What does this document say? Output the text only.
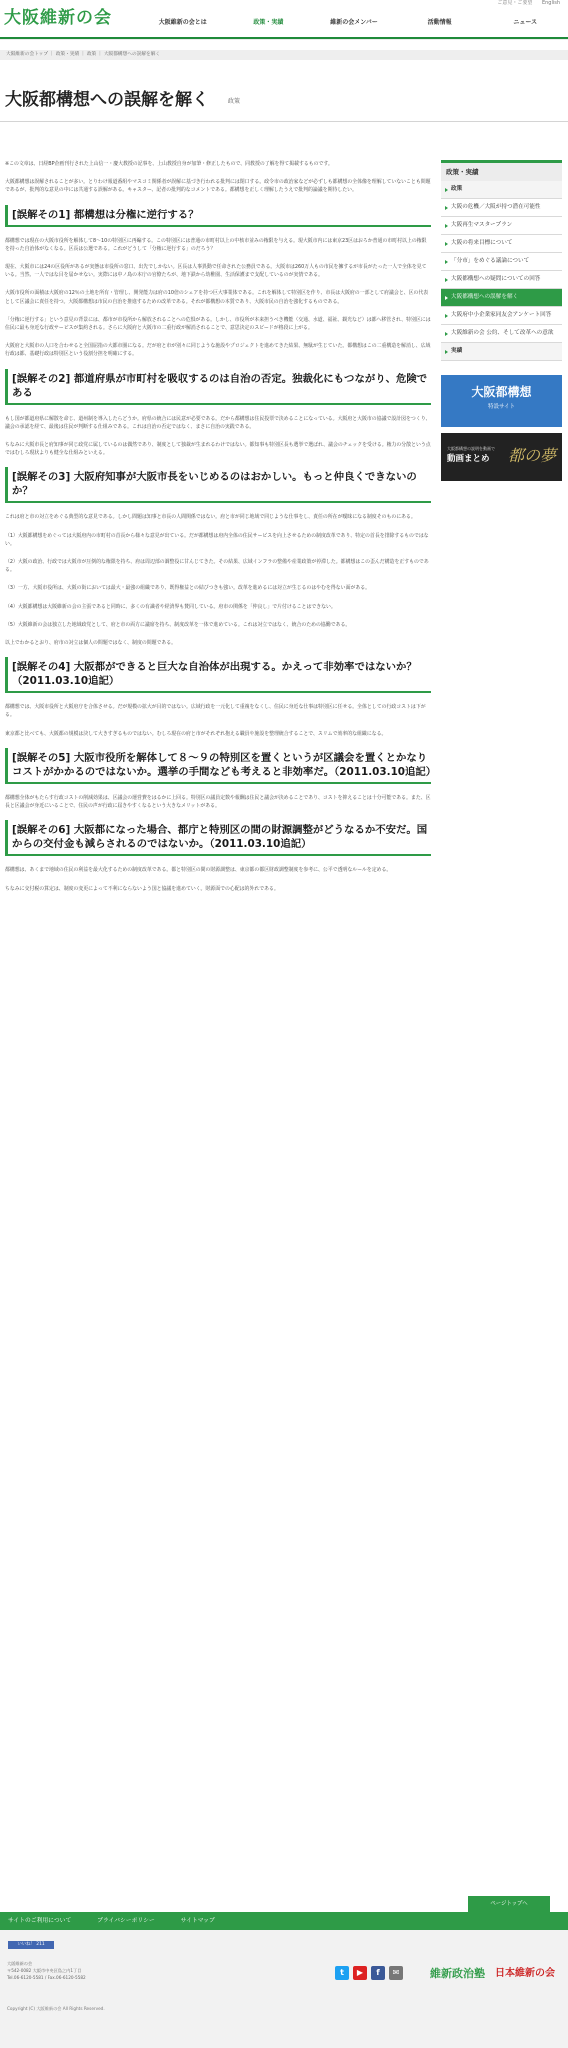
大阪維新の会
ご意見・ご要望 English
大阪維新の会とは	政策・実績	維新の会メンバー	活動情報	ニュース
大阪維新の会トップ ｜ 政策・実績 ｜ 政策 ｜ 大阪都構想への誤解を解く
大阪都構想への誤解を解く	政策

※この文章は、日経BP企画刊行された上山信一・慶大教授の記事を、上山教授自身が加筆・修正したもので、同教授の了解を得て掲載するものです。

大阪都構想は誤解されることが多い。とりわけ報道番組やマスコミ関係者が誤解に基づき行われる批判には閉口する。政令市の政治家などが必ずしも都構想の全体像を理解していないことも問題であるが、批判的な意見の中には共通する誤解がある。キャスター、記者の批判的なコメントである。都構想を正しく理解したうえで批判的論議を期待したい。

[誤解その1] 都構想は分権に逆行する？

都構想では現在の大阪市役所を解体して8〜10の特別区に再編する。この特別区には普通の市町村以上の中核市並みの権限を与える。現大阪市内には東京23区はおろか普通の市町村以上の権限を持った自治体がなくなる。区長は公選である。これがどうして「分権に逆行する」のだろう？

現在、大阪市には24の区役所があるが実態は市役所の窓口、出先でしかない。区長は人事異動で任命された公務員である。大阪市は260万人もの市民を擁するが市長がたった一人で全体を見ている。当然、一人ではな目を届かせない。実際には中ノ島の本庁の官僚たちが、地下鉄から幼稚園、生活保護まで支配しているのが実情である。

大阪市役所の面積は大阪府の12％の土地を所有・管理し、開発能力は府の10倍のシェアを持つ巨大事業体である。これを解体して特別区を作り、市長は大阪府の一部として府議会と、区の代表として区議会に責任を持つ。大阪都構想は市民の自治を推進するための改革である。それが都構想の本質であり、大阪市民の自治を強化するものである。

「分権に逆行する」という意見の背景には、都市が市役所から解放されることへの危惧がある。しかし、市役所が本来担うべき機能（交通、水道、福祉、観光など）は都へ移管され、特別区には住民に最も身近な行政サービスが集約される。さらに大阪府と大阪市の二重行政が解消されることで、意思決定のスピードが格段に上がる。

大阪府と大阪市の人口を合わせると全国屈指の大都市圏になる。だが府と市が別々に同じような施設やプロジェクトを進めてきた結果、無駄が生じていた。都構想はこの二重構造を解消し、広域行政は都、基礎行政は特別区という役割分担を明確にする。

[誤解その2] 都道府県が市町村を吸収するのは自治の否定。独裁化にもつながり、危険である

もし国が都道府県に解散を命じ、道州制を導入したらどうか。府県の統合には民意が必要である。だから都構想は住民投票で決めることになっている。大阪府と大阪市の協議で設計図をつくり、議会の承認を経て、最後は住民が判断する仕組みである。これは自治の否定ではなく、まさに自治の実践である。

ちなみに大阪市長と府知事が同じ政党に属しているのは偶然であり、制度として独裁が生まれるわけではない。都知事も特別区長も選挙で選ばれ、議会のチェックを受ける。権力の分散という点ではむしろ現状よりも健全な仕組みといえる。

[誤解その3] 大阪府知事が大阪市長をいじめるのはおかしい。もっと仲良くできないのか？

これは府と市の対立をめぐる典型的な意見である。しかし問題は知事と市長の人間関係ではない。府と市が同じ地域で同じような仕事をし、責任の所在が曖昧になる制度そのものにある。

（1）大阪都構想をめぐっては大阪府内の市町村の首長から様々な意見が出ている。だが都構想は府内全体の住民サービスを向上させるための制度改革であり、特定の首長を排除するものではない。

（2）大阪の政治、行政では大阪市が圧倒的な権限を持ち、府は周辺部の調整役に甘んじてきた。その結果、広域インフラの整備や産業政策が停滞した。都構想はこの歪んだ構造を正すものである。

（3）一方、大阪市役所は、大阪の街においては最大・最強の組織であり、既得権益との結びつきも強い。改革を進めるには対立が生じるのはやむを得ない面がある。

（4）大阪都構想は大阪維新の会の主張であると同時に、多くの有識者や経済界も賛同している。府市の関係を「仲良し」で片付けることはできない。

（5）大阪維新の会は独立した地域政党として、府と市の両方に議席を持ち、制度改革を一体で進めている。これは対立ではなく、統合のための協働である。

以上でわかるとおり、府市の対立は個人の問題ではなく、制度の問題である。

[誤解その4] 大阪都ができると巨大な自治体が出現する。かえって非効率ではないか？（2011.03.10追記）

都構想では、大阪市役所と大阪府庁を合体させる。だが規模の拡大が目的ではない。広域行政を一元化して重複をなくし、住民に身近な仕事は特別区に任せる。全体としての行政コストは下がる。

東京都と比べても、大阪都の規模は決して大きすぎるものではない。むしろ現在の府と市がそれぞれ抱える職員や施設を整理統合することで、スリムで効率的な組織になる。

[誤解その5] 大阪市役所を解体して８〜９の特別区を置くというが区議会を置くとかなりコストがかかるのではないか。選挙の手間なども考えると非効率だ。（2011.03.10追記）

都構想全体がもたらす行政コストの削減効果は、区議会の運営費をはるかに上回る。特別区の議員定数や報酬は住民と議会が決めることであり、コストを抑えることは十分可能である。また、区長と区議会が身近にいることで、住民の声が行政に届きやすくなるという大きなメリットがある。

[誤解その6] 大阪都になった場合、都庁と特別区の間の財源調整がどうなるか不安だ。国からの交付金も減らされるのではないか。（2011.03.10追記）

都構想は、あくまで地域の住民の利益を最大化するための制度改革である。都と特別区の間の財源調整は、東京都の都区財政調整制度を参考に、公平で透明なルールを定める。

ちなみに交付税の算定は、制度の変更によって不利にならないよう国と協議を進めていく。財源面での心配は的外れである。

政策・実績
政策
大阪の危機／大阪が持つ潜在可能性
大阪再生マスタープラン
大阪の将来目標について
「分市」をめぐる議論について
大阪都構想への疑問についての回答
大阪都構想への誤解を解く
大阪府中小企業家同友会アンケート回答
大阪維新の会 公約、そして改革への意欲
実績
大阪都構想
特設サイト
大阪都構想の説明を動画で
動画まとめ 都の夢
ページトップへ
サイトのご利用について	プライバシーポリシー	サイトマップ
いいね！ 211
大阪維新の会
〒542-0082 大阪市中央区島之内1丁目
Tel.06-6120-5581 / Fax.06-6120-5582
Copyright (C) 大阪維新の会 All Rights Reserved.
t	▶	f	✉	維新政治塾 日本維新の会
